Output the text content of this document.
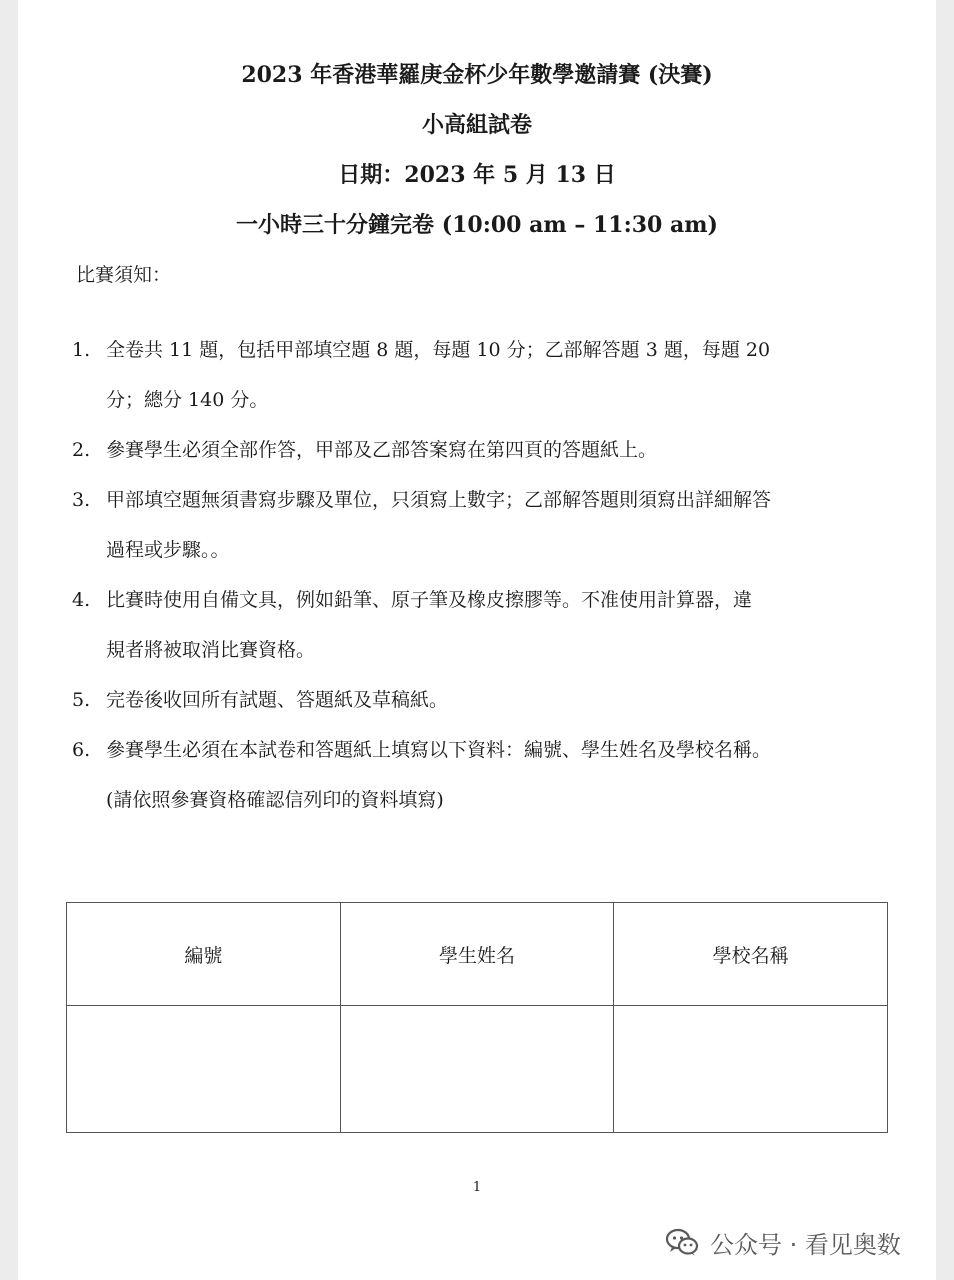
2023 年香港華羅庚金杯少年數學邀請賽 (決賽)
小高組試卷
日期：2023 年 5 月 13 日
一小時三十分鐘完卷 (10:00 am – 11:30 am)
比賽須知：
1. 全卷共 11 題，包括甲部填空題 8 題，每題 10 分；乙部解答題 3 題，每題 20
分；總分 140 分。
2. 參賽學生必須全部作答，甲部及乙部答案寫在第四頁的答題紙上。
3. 甲部填空題無須書寫步驟及單位，只須寫上數字；乙部解答題則須寫出詳細解答
過程或步驟。。
4. 比賽時使用自備文具，例如鉛筆、原子筆及橡皮擦膠等。不准使用計算器，違
規者將被取消比賽資格。
5. 完卷後收回所有試題、答題紙及草稿紙。
6. 參賽學生必須在本試卷和答題紙上填寫以下資料：編號、學生姓名及學校名稱。
(請依照參賽資格確認信列印的資料填寫)
編號	學生姓名	學校名稱

1
公众号 · 看见奥数
